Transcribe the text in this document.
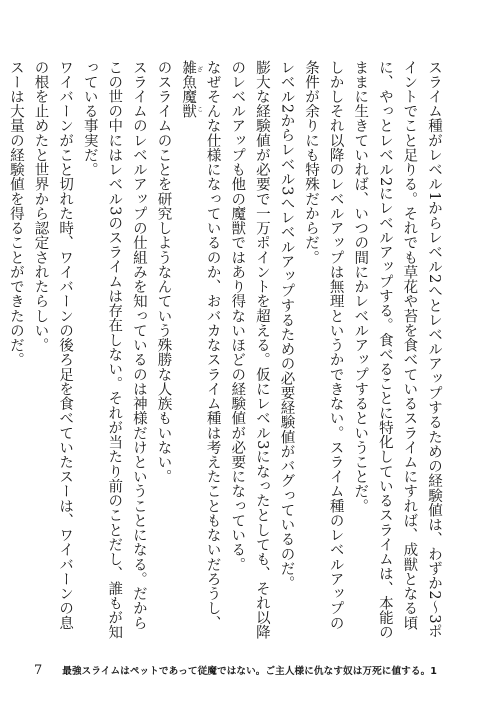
スライム種がレベル1からレベル2へとレベルアップするための経験値は、わずか2〜3ポイントでこと足りる。それでも草花や苔を食べているスライムにすれば、成獣となる頃に、やっとレベル2にレベルアップする。食べることに特化しているスライムは、本能のままに生きていれば、いつの間にかレベルアップするということだ。

しかしそれ以降のレベルアップは無理というかできない。スライム種のレベルアップの条件が余りにも特殊だからだ。

レベル2からレベル3へレベルアップするための必要経験値がバグっているのだ。

膨大な経験値が必要で一万ポイントを超える。仮にレベル3になったとしても、それ以降のレベルアップも他の魔獣ではあり得ないほどの経験値が必要になっている。

なぜそんな仕様になっているのか、おバカなスライム種は考えたこともないだろうし、雑魚魔獣 ざこ

のスライムのことを研究しようなんていう殊勝な人族もいない。

スライムのレベルアップの仕組みを知っているのは神様だけということになる。だからこの世の中にはレベル3のスライムは存在しない。それが当たり前のことだし、誰もが知っている事実だ。

ワイバーンがこと切れた時、ワイバーンの後ろ足を食べていたスーは、ワイバーンの息の根を止めたと世界から認定されたらしい。

スーは大量の経験値を得ることができたのだ。

7 最強スライムはペットであって従魔ではない。ご主人様に仇なす奴は万死に値する。1
